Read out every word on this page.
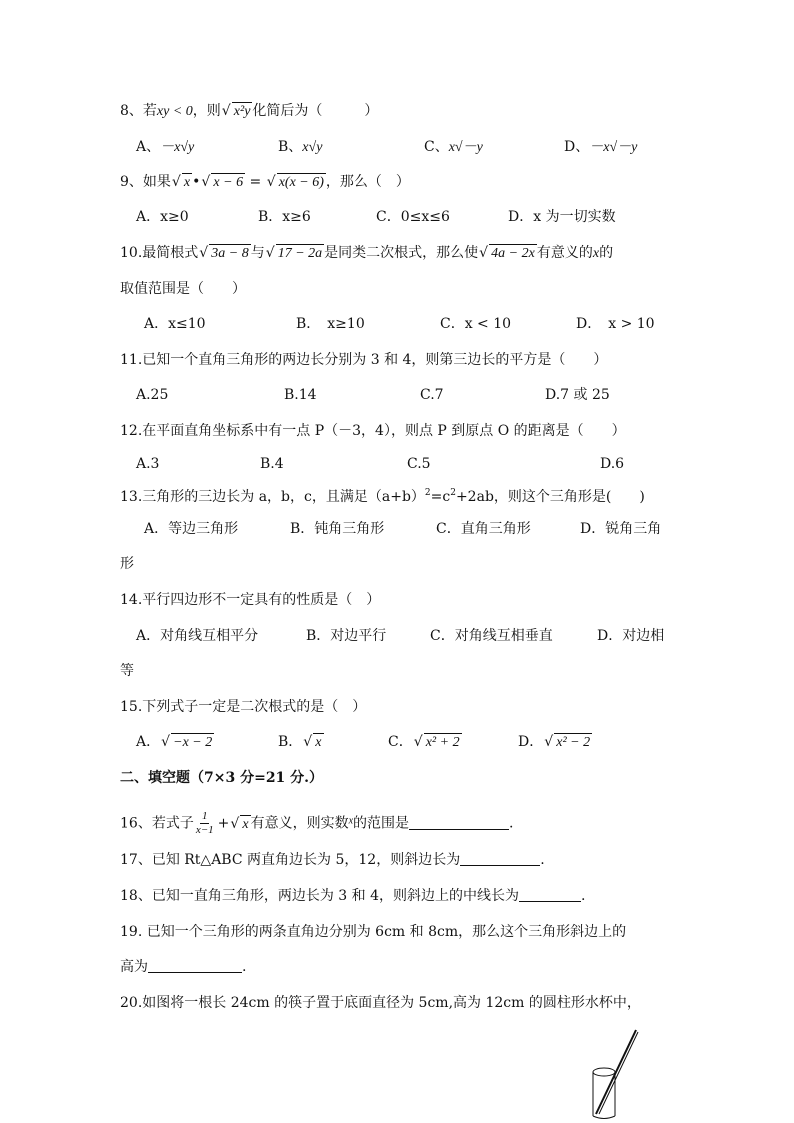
8、若xy < 0，则 √ x²y 化简后为（　　　）
A、－x√y	B、x√y	C、x√－y	D、－x√－y
9、如果 √ x • √ x − 6 = √ x(x − 6) ，那么（　）
A．x≥0	B．x≥6	C．0≤x≤6	D．x 为一切实数
10.最简根式 √ 3a − 8 与 √ 17 − 2a 是同类二次根式，那么使 √ 4a − 2x 有意义的x的
取值范围是（　　）
A．x≤10	B．　x≥10	C．x < 10	D．　x > 10
11.已知一个直角三角形的两边长分别为 3 和 4，则第三边长的平方是（　　）
A.25	B.14	C.7	D.7 或 25
12.在平面直角坐标系中有一点 P（－3，4），则点 P 到原点 O 的距离是（　　）
A.3	B.4	C.5	D.6
13.三角形的三边长为 a，b，c，且满足$(a+b)^2=c^2+2ab$，则这个三角形是(　　)
A．等边三角形	B．钝角三角形	C．直角三角形	D．锐角三角
形
14.平行四边形不一定具有的性质是（　）
A．对角线互相平分	B．对边平行	C．对角线互相垂直	D．对边相
等
15.下列式子一定是二次根式的是（　）
A． √ −x − 2	B． √ x	C． √ x² + 2	D． √ x² − 2
二、填空题（7×3 分=21 分.）
16、若式子 $\frac{1}{x-1}$ + √ x 有意义，则实数$^x$的范围是	.
17、已知 Rt△ABC 两直角边长为 5，12，则斜边长为	.
18、已知一直角三角形，两边长为 3 和 4，则斜边上的中线长为	.
19. 已知一个三角形的两条直角边分别为 6cm 和 8cm，那么这个三角形斜边上的
高为	.
20.如图将一根长 24cm 的筷子置于底面直径为 5cm,高为 12cm 的圆柱形水杯中，
